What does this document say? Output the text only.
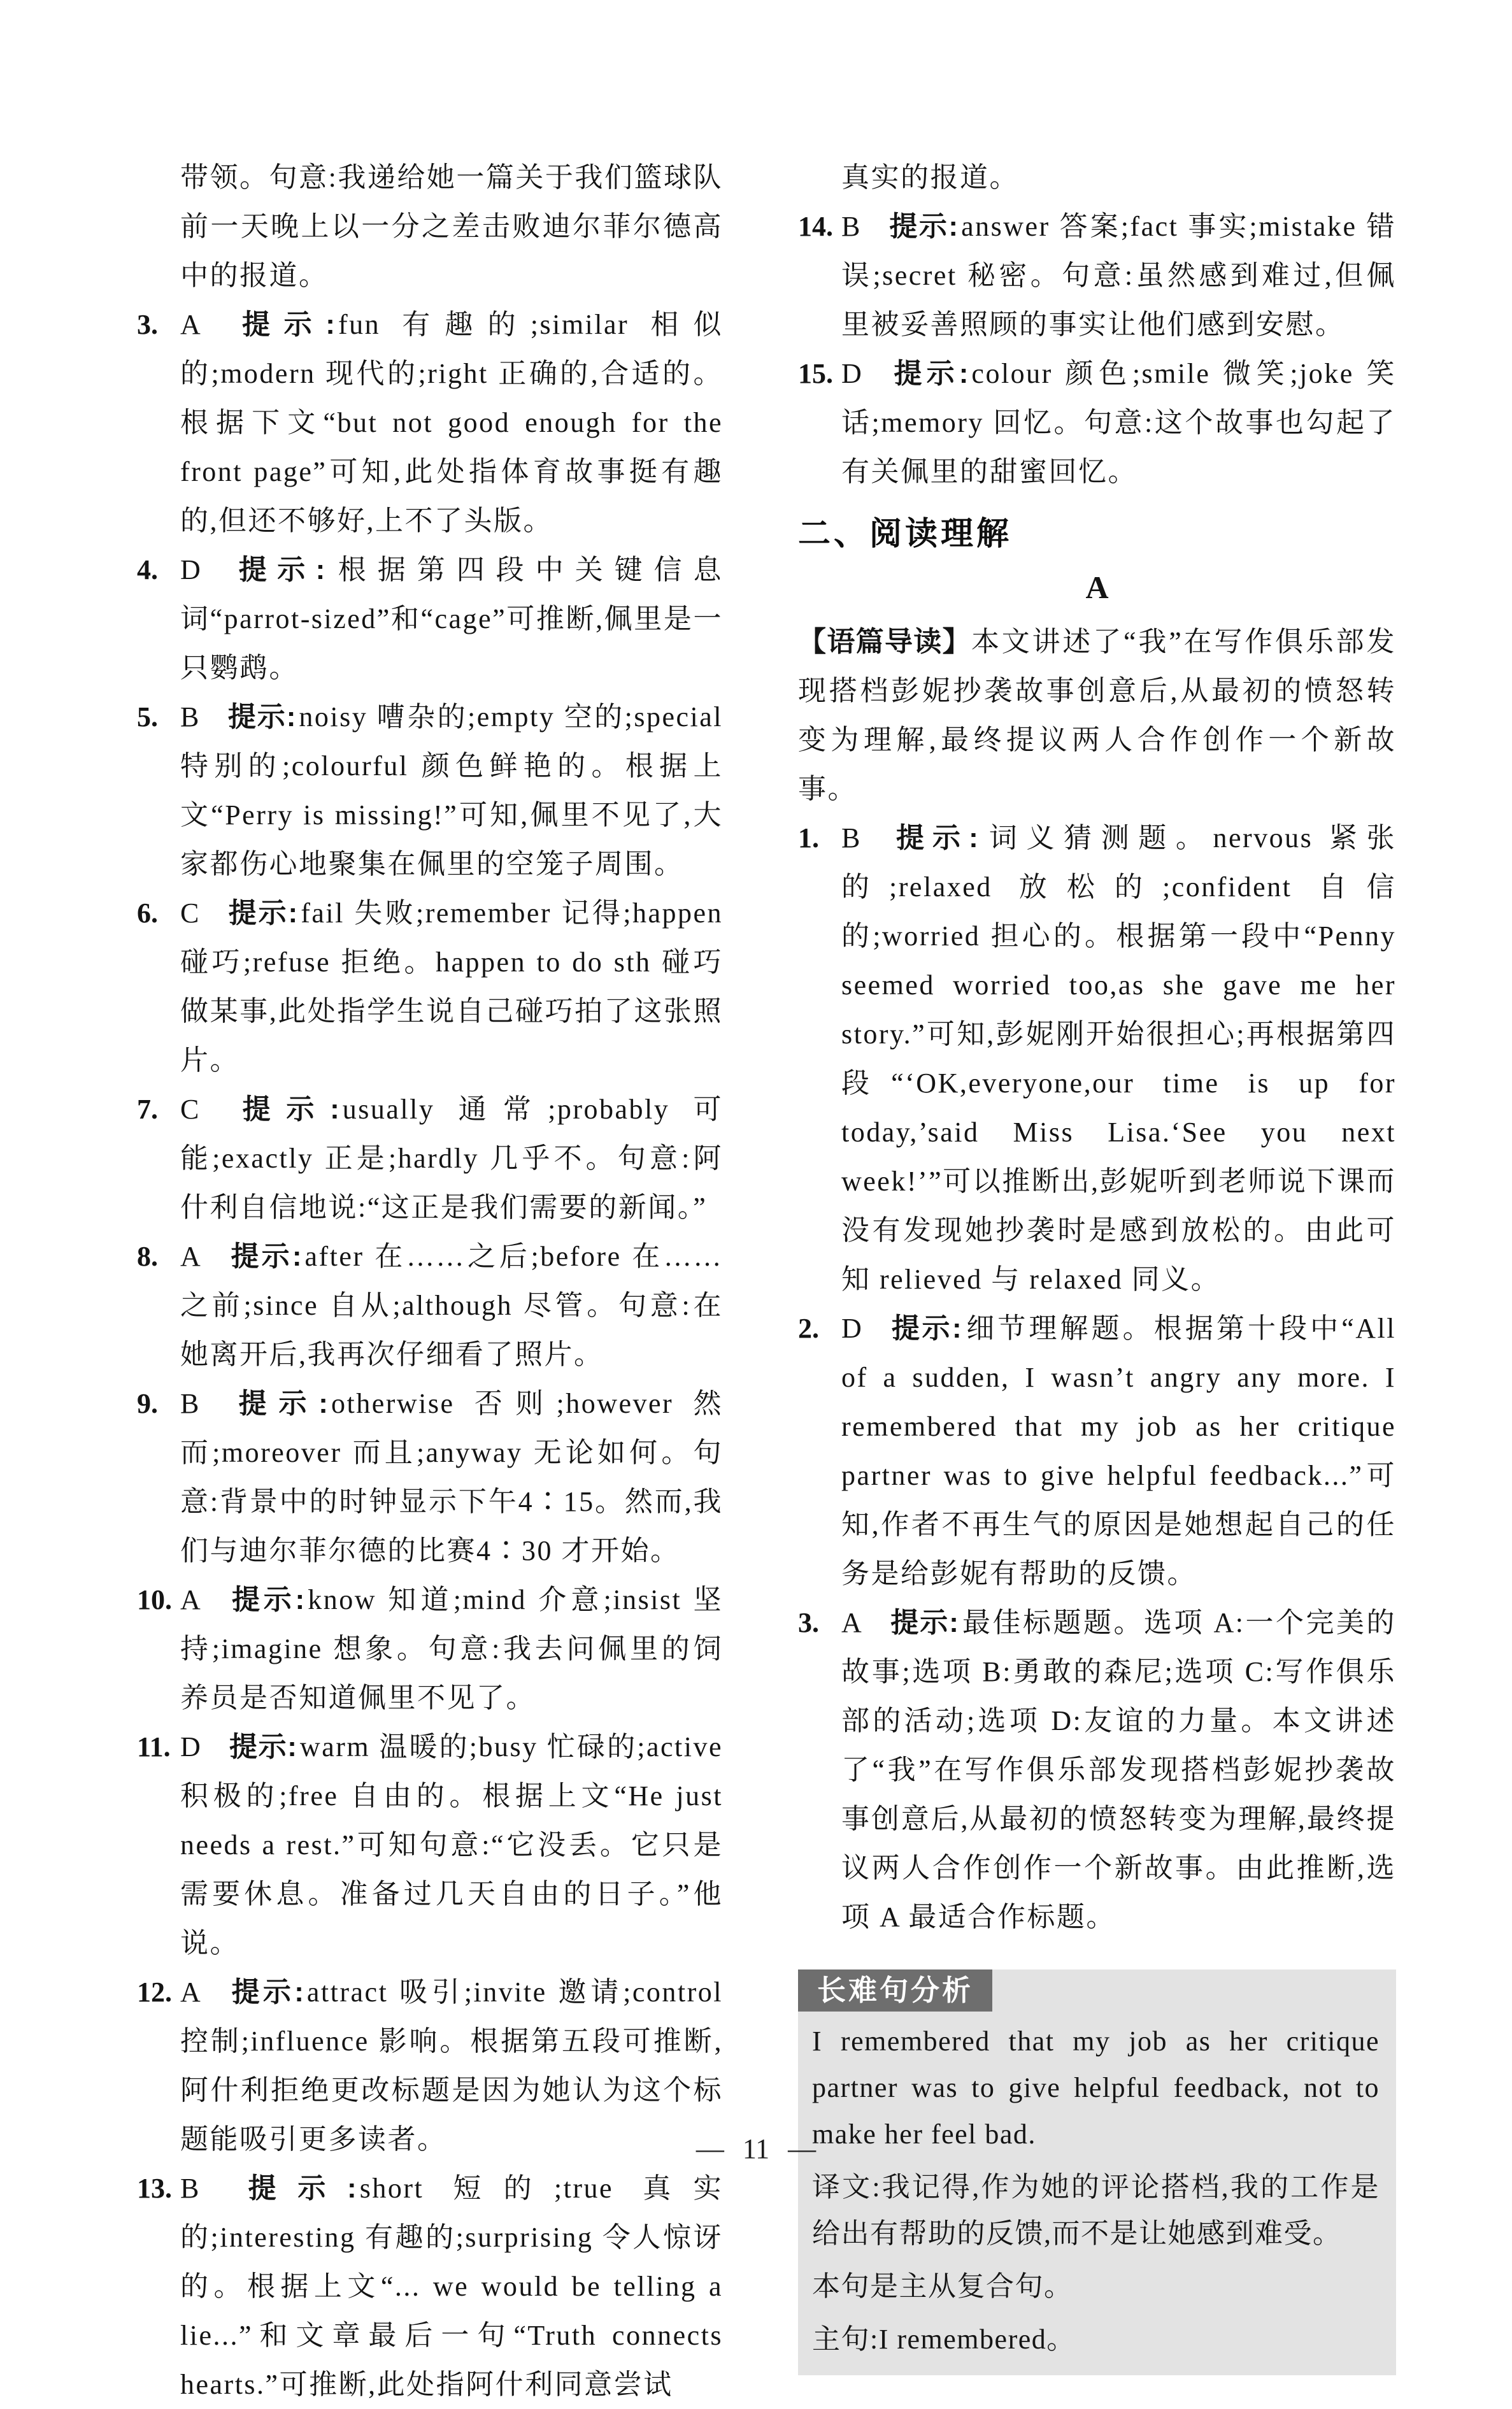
带领。句意:我递给她一篇关于我们篮球队前一天晚上以一分之差击败迪尔菲尔德高中的报道。

3. A 提示:fun 有趣的;similar 相似的;modern 现代的;right 正确的,合适的。根据下文“but not good enough for the front page”可知,此处指体育故事挺有趣的,但还不够好,上不了头版。

4. D 提示:根据第四段中关键信息词“parrot-sized”和“cage”可推断,佩里是一只鹦鹉。

5. B 提示:noisy 嘈杂的;empty 空的;special 特别的;colourful 颜色鲜艳的。根据上文“Perry is missing!”可知,佩里不见了,大家都伤心地聚集在佩里的空笼子周围。

6. C 提示:fail 失败;remember 记得;happen 碰巧;refuse 拒绝。happen to do sth 碰巧做某事,此处指学生说自己碰巧拍了这张照片。

7. C 提示:usually 通常;probably 可能;exactly 正是;hardly 几乎不。句意:阿什利自信地说:“这正是我们需要的新闻。”

8. A 提示:after 在……之后;before 在……之前;since 自从;although 尽管。句意:在她离开后,我再次仔细看了照片。

9. B 提示:otherwise 否则;however 然而;moreover 而且;anyway 无论如何。句意:背景中的时钟显示下午4∶15。然而,我们与迪尔菲尔德的比赛4∶30 才开始。

10. A 提示:know 知道;mind 介意;insist 坚持;imagine 想象。句意:我去问佩里的饲养员是否知道佩里不见了。

11. D 提示:warm 温暖的;busy 忙碌的;active 积极的;free 自由的。根据上文“He just needs a rest.”可知句意:“它没丢。它只是需要休息。准备过几天自由的日子。”他说。

12. A 提示:attract 吸引;invite 邀请;control 控制;influence 影响。根据第五段可推断,阿什利拒绝更改标题是因为她认为这个标题能吸引更多读者。

13. B 提示:short 短的;true 真实的;interesting 有趣的;surprising 令人惊讶的。根据上文“... we would be telling a lie...”和文章最后一句“Truth connects hearts.”可推断,此处指阿什利同意尝试

真实的报道。

14. B 提示:answer 答案;fact 事实;mistake 错误;secret 秘密。句意:虽然感到难过,但佩里被妥善照顾的事实让他们感到安慰。

15. D 提示:colour 颜色;smile 微笑;joke 笑话;memory 回忆。句意:这个故事也勾起了有关佩里的甜蜜回忆。

二、阅读理解

A

【语篇导读】本文讲述了“我”在写作俱乐部发现搭档彭妮抄袭故事创意后,从最初的愤怒转变为理解,最终提议两人合作创作一个新故事。

1. B 提示:词义猜测题。nervous 紧张的;relaxed 放松的;confident 自信的;worried 担心的。根据第一段中“Penny seemed worried too,as she gave me her story.”可知,彭妮刚开始很担心;再根据第四段“‘OK,everyone,our time is up for today,’said Miss Lisa.‘See you next week!’”可以推断出,彭妮听到老师说下课而没有发现她抄袭时是感到放松的。由此可知 relieved 与 relaxed 同义。

2. D 提示:细节理解题。根据第十段中“All of a sudden, I wasn’t angry any more. I remembered that my job as her critique partner was to give helpful feedback...”可知,作者不再生气的原因是她想起自己的任务是给彭妮有帮助的反馈。

3. A 提示:最佳标题题。选项 A:一个完美的故事;选项 B:勇敢的森尼;选项 C:写作俱乐部的活动;选项 D:友谊的力量。本文讲述了“我”在写作俱乐部发现搭档彭妮抄袭故事创意后,从最初的愤怒转变为理解,最终提议两人合作创作一个新故事。由此推断,选项 A 最适合作标题。

长难句分析

I remembered that my job as her critique partner was to give helpful feedback, not to make her feel bad.

译文:我记得,作为她的评论搭档,我的工作是给出有帮助的反馈,而不是让她感到难受。

本句是主从复合句。

主句:I remembered。

— 11 —
